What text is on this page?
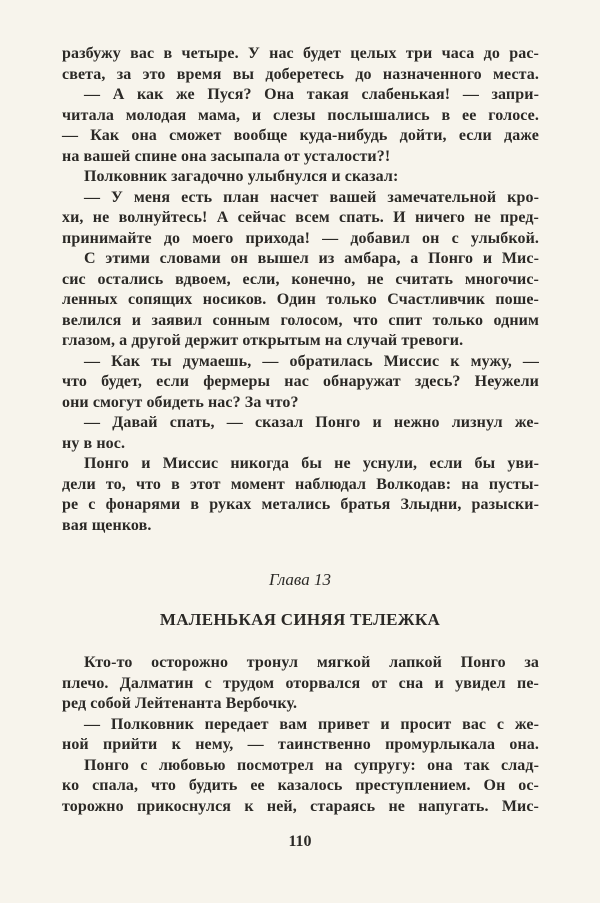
разбужу вас в четыре. У нас будет целых три часа до рас-
света, за это время вы доберетесь до назначенного места.
— А как же Пуся? Она такая слабенькая! — запри-
читала молодая мама, и слезы послышались в ее голосе.
— Как она сможет вообще куда-нибудь дойти, если даже
на вашей спине она засыпала от усталости?!
Полковник загадочно улыбнулся и сказал:
— У меня есть план насчет вашей замечательной кро-
хи, не волнуйтесь! А сейчас всем спать. И ничего не пред-
принимайте до моего прихода! — добавил он с улыбкой.
С этими словами он вышел из амбара, а Понго и Мис-
сис остались вдвоем, если, конечно, не считать многочис-
ленных сопящих носиков. Один только Счастливчик поше-
велился и заявил сонным голосом, что спит только одним
глазом, а другой держит открытым на случай тревоги.
— Как ты думаешь, — обратилась Миссис к мужу, —
что будет, если фермеры нас обнаружат здесь? Неужели
они смогут обидеть нас? За что?
— Давай спать, — сказал Понго и нежно лизнул же-
ну в нос.
Понго и Миссис никогда бы не уснули, если бы уви-
дели то, что в этот момент наблюдал Волкодав: на пусты-
ре с фонарями в руках метались братья Злыдни, разыски-
вая щенков.
Глава 13
МАЛЕНЬКАЯ СИНЯЯ ТЕЛЕЖКА
Кто-то осторожно тронул мягкой лапкой Понго за
плечо. Далматин с трудом оторвался от сна и увидел пе-
ред собой Лейтенанта Вербочку.
— Полковник передает вам привет и просит вас с же-
ной прийти к нему, — таинственно промурлыкала она.
Понго с любовью посмотрел на супругу: она так слад-
ко спала, что будить ее казалось преступлением. Он ос-
торожно прикоснулся к ней, стараясь не напугать. Мис-
110
